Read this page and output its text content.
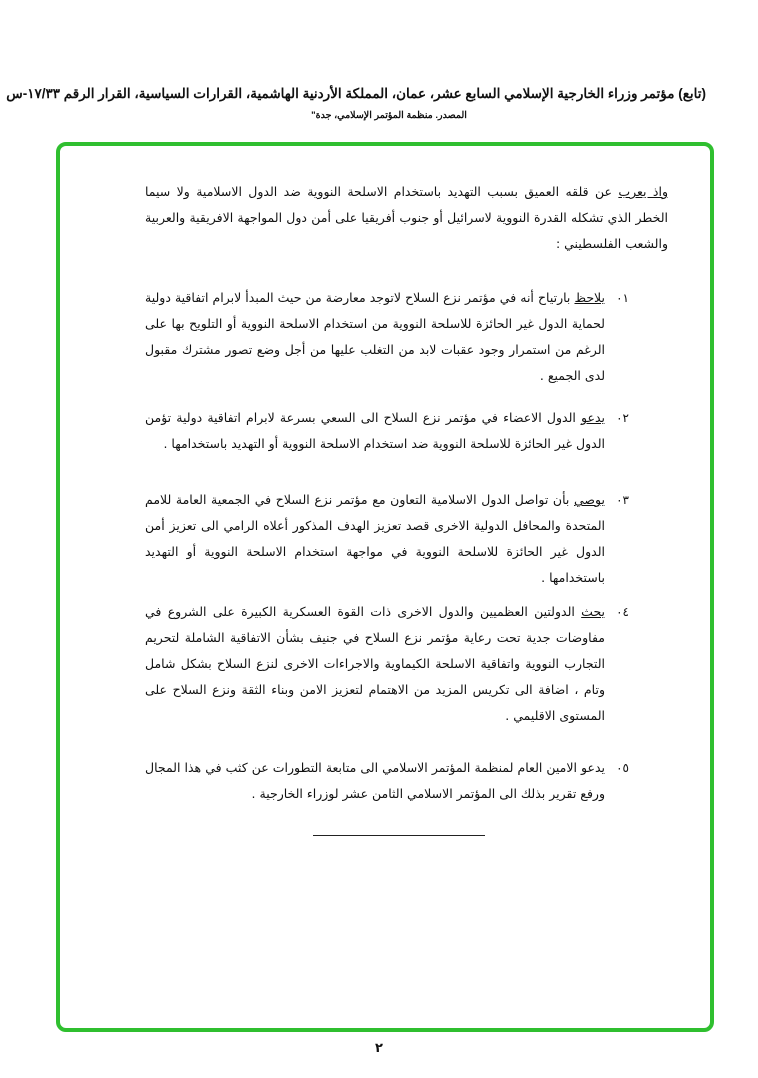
(تابع) مؤتمر وزراء الخارجية الإسلامي السابع عشر، عمان، المملكة الأردنية الهاشمية، القرارات السياسية، القرار الرقم ١٧/٣٣-س
المصدر. منظمة المؤتمر الإسلامي، جدة"
واذ يعرب عن قلقه العميق بسبب التهديد باستخدام الاسلحة النووية ضد الدول الاسلامية ولا سيما الخطر الذي تشكله القدرة النووية لاسرائيل أو جنوب أفريقيا على أمن دول المواجهة الافريقية والعربية والشعب الفلسطيني :
٠١
يلاحظ بارتياح أنه في مؤتمر نزع السلاح لاتوجد معارضة من حيث المبدأ لابرام اتفاقية دولية لحماية الدول غير الحائزة للاسلحة النووية من استخدام الاسلحة النووية أو التلويح بها على الرغم من استمرار وجود عقبات لابد من التغلب عليها من أجل وضع تصور مشترك مقبول لدى الجميع .
٠٢
يدعو الدول الاعضاء في مؤتمر نزع السلاح الى السعي بسرعة لابرام اتفاقية دولية تؤمن الدول غير الحائزة للاسلحة النووية ضد استخدام الاسلحة النووية أو التهديد باستخدامها .
٠٣
يوصي بأن تواصل الدول الاسلامية التعاون مع مؤتمر نزع السلاح في الجمعية العامة للامم المتحدة والمحافل الدولية الاخرى قصد تعزيز الهدف المذكور أعلاه الرامي الى تعزيز أمن الدول غير الحائزة للاسلحة النووية في مواجهة استخدام الاسلحة النووية أو التهديد باستخدامها .
٠٤
يحث الدولتين العظميين والدول الاخرى ذات القوة العسكرية الكبيرة على الشروع في مفاوضات جدية تحت رعاية مؤتمر نزع السلاح في جنيف بشأن الاتفاقية الشاملة لتحريم التجارب النووية واتفاقية الاسلحة الكيماوية والاجراءات الاخرى لنزع السلاح بشكل شامل وتام ، اضافة الى تكريس المزيد من الاهتمام لتعزيز الامن وبناء الثقة ونزع السلاح على المستوى الاقليمي .
٠٥
يدعو الامين العام لمنظمة المؤتمر الاسلامي الى متابعة التطورات عن كثب في هذا المجال ورفع تقرير بذلك الى المؤتمر الاسلامي الثامن عشر لوزراء الخارجية .
٢
